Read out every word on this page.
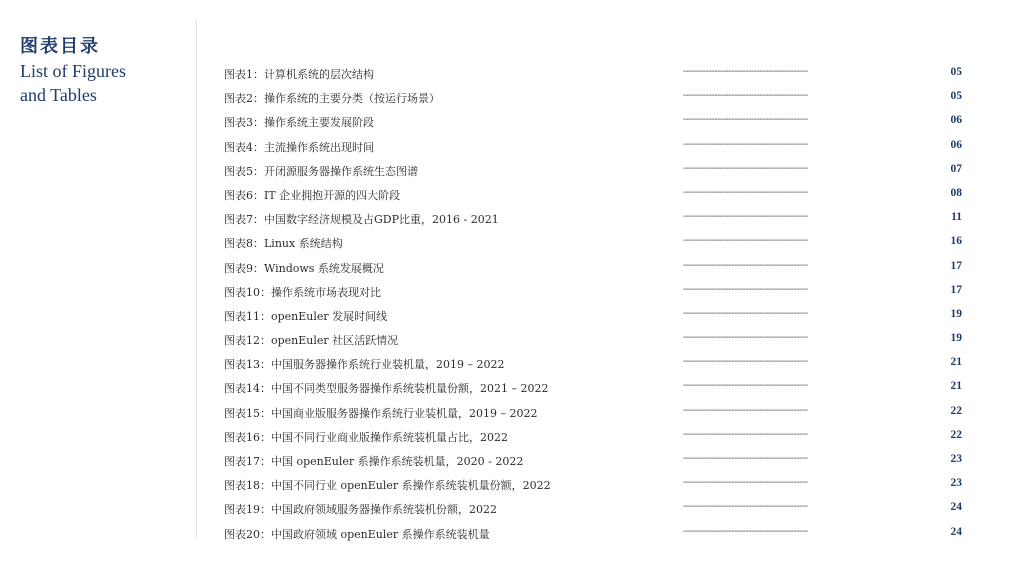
图表目录
List of Figures
and Tables
图表1：计算机系统的层次结构	--------------------------------------------	05
图表2：操作系统的主要分类（按运行场景）	--------------------------------------------	05
图表3：操作系统主要发展阶段	--------------------------------------------	06
图表4：主流操作系统出现时间	--------------------------------------------	06
图表5：开闭源服务器操作系统生态图谱	--------------------------------------------	07
图表6：IT 企业拥抱开源的四大阶段	--------------------------------------------	08
图表7：中国数字经济规模及占GDP比重，2016 - 2021	--------------------------------------------	11
图表8：Linux 系统结构	--------------------------------------------	16
图表9：Windows 系统发展概况	--------------------------------------------	17
图表10：操作系统市场表现对比	--------------------------------------------	17
图表11：openEuler 发展时间线	--------------------------------------------	19
图表12：openEuler 社区活跃情况	--------------------------------------------	19
图表13：中国服务器操作系统行业装机量，2019 – 2022	--------------------------------------------	21
图表14：中国不同类型服务器操作系统装机量份额，2021 – 2022	--------------------------------------------	21
图表15：中国商业版服务器操作系统行业装机量，2019 – 2022	--------------------------------------------	22
图表16：中国不同行业商业版操作系统装机量占比，2022	--------------------------------------------	22
图表17：中国 openEuler 系操作系统装机量，2020 - 2022	--------------------------------------------	23
图表18：中国不同行业 openEuler 系操作系统装机量份额，2022	--------------------------------------------	23
图表19：中国政府领域服务器操作系统装机份额，2022	--------------------------------------------	24
图表20：中国政府领域 openEuler 系操作系统装机量	--------------------------------------------	24
